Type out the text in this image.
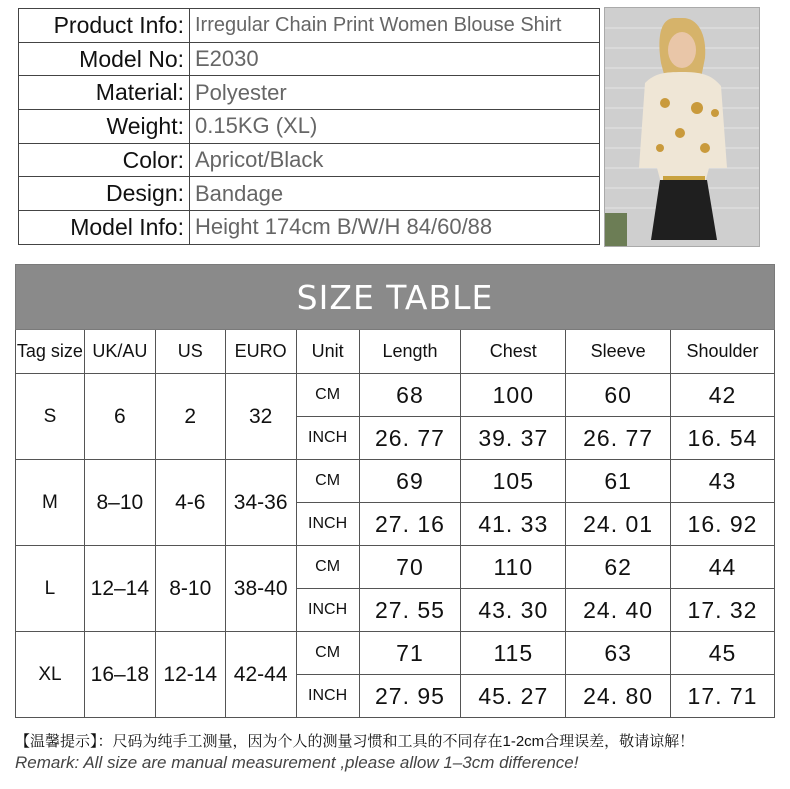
Product Info:	Irregular Chain Print Women Blouse Shirt
Model No:	E2030
Material:	Polyester
Weight:	0.15KG (XL)
Color:	Apricot/Black
Design:	Bandage
Model Info:	Height 174cm B/W/H 84/60/88
SIZE TABLE								
Tag size	UK/AU	US	EURO	Unit	Length	Chest	Sleeve	Shoulder
S	6	2	32	CM	68	100	60	42
				INCH	26. 77	39. 37	26. 77	16. 54
M	8–10	4-6	34-36	CM	69	105	61	43
				INCH	27. 16	41. 33	24. 01	16. 92
L	12–14	8-10	38-40	CM	70	110	62	44
				INCH	27. 55	43. 30	24. 40	17. 32
XL	16–18	12-14	42-44	CM	71	115	63	45
				INCH	27. 95	45. 27	24. 80	17. 71
【温馨提示】：尺码为纯手工测量，因为个人的测量习惯和工具的不同存在1-2cm合理误差，敬请谅解！
Remark: All size are manual measurement ,please allow 1–3cm difference!
